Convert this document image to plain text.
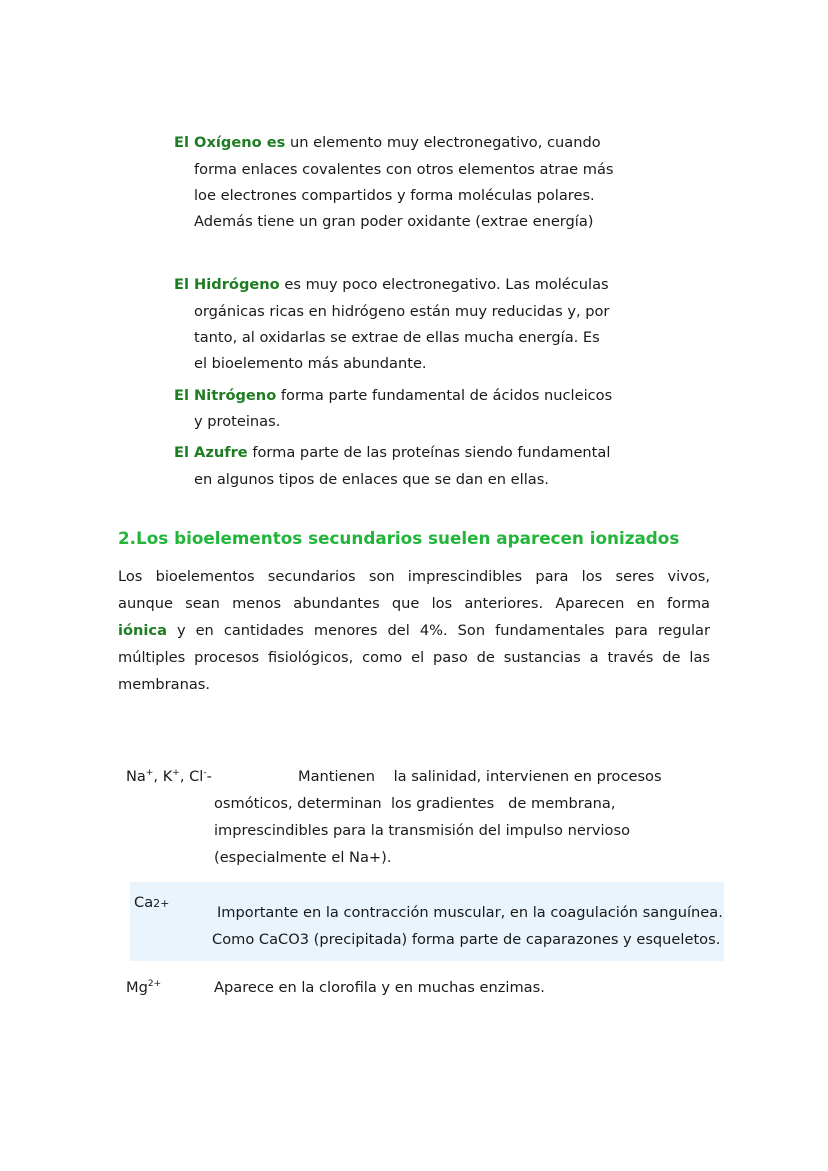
El Oxígeno es un elemento muy electronegativo, cuando
forma enlaces covalentes con otros elementos atrae más
loe electrones compartidos y forma moléculas polares.
Además tiene un gran poder oxidante (extrae energía)
El Hidrógeno es muy poco electronegativo. Las moléculas
orgánicas ricas en hidrógeno están muy reducidas y, por
tanto, al oxidarlas se extrae de ellas mucha energía. Es
el bioelemento más abundante.
El Nitrógeno forma parte fundamental de ácidos nucleicos
y proteinas.
El Azufre forma parte de las proteínas siendo fundamental
en algunos tipos de enlaces que se dan en ellas.
2.Los bioelementos secundarios suelen aparecen ionizados
Los bioelementos secundarios son imprescindibles para los seres vivos,
aunque sean menos abundantes que los anteriores. Aparecen en forma
iónica y en cantidades menores del 4%. Son fundamentales para regular
múltiples procesos fisiológicos, como el paso de sustancias a través de las
membranas.
Na+, K+, Cl--	Mantienen    la salinidad, intervienen en procesos
osmóticos, determinan  los gradientes   de membrana,
imprescindibles para la transmisión del impulso nervioso
(especialmente el Na+).
Ca2+
Importante en la contracción muscular, en la coagulación sanguínea.
Como CaCO3 (precipitada) forma parte de caparazones y esqueletos.
$Mg^{2+}$	Aparece en la clorofila y en muchas enzimas.
